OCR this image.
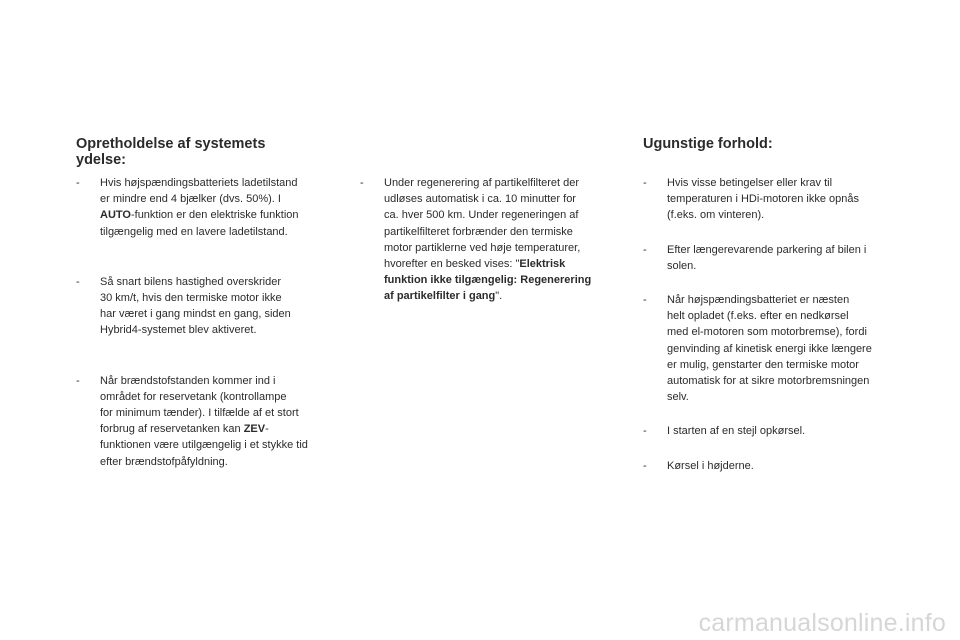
Opretholdelse af systemets
ydelse:
- Hvis højspændingsbatteriets ladetilstand
er mindre end 4 bjælker (dvs. 50%). I
AUTO-funktion er den elektriske funktion
tilgængelig med en lavere ladetilstand.
- Så snart bilens hastighed overskrider
30 km/t, hvis den termiske motor ikke
har været i gang mindst en gang, siden
Hybrid4-systemet blev aktiveret.
- Når brændstofstanden kommer ind i
området for reservetank (kontrollampe
for minimum tænder). I tilfælde af et stort
forbrug af reservetanken kan ZEV-
funktionen være utilgængelig i et stykke tid
efter brændstofpåfyldning.
- Under regenerering af partikelfilteret der
udløses automatisk i ca. 10 minutter for
ca. hver 500 km. Under regeneringen af
partikelfilteret forbrænder den termiske
motor partiklerne ved høje temperaturer,
hvorefter en besked vises: "Elektrisk
funktion ikke tilgængelig: Regenerering
af partikelfilter i gang".
Ugunstige forhold:
- Hvis visse betingelser eller krav til
temperaturen i HDi-motoren ikke opnås
(f.eks. om vinteren).
- Efter længerevarende parkering af bilen i
solen.
- Når højspændingsbatteriet er næsten
helt opladet (f.eks. efter en nedkørsel
med el-motoren som motorbremse), fordi
genvinding af kinetisk energi ikke længere
er mulig, genstarter den termiske motor
automatisk for at sikre motorbremsningen
selv.
- I starten af en stejl opkørsel.
- Kørsel i højderne.
carmanualsonline.info
